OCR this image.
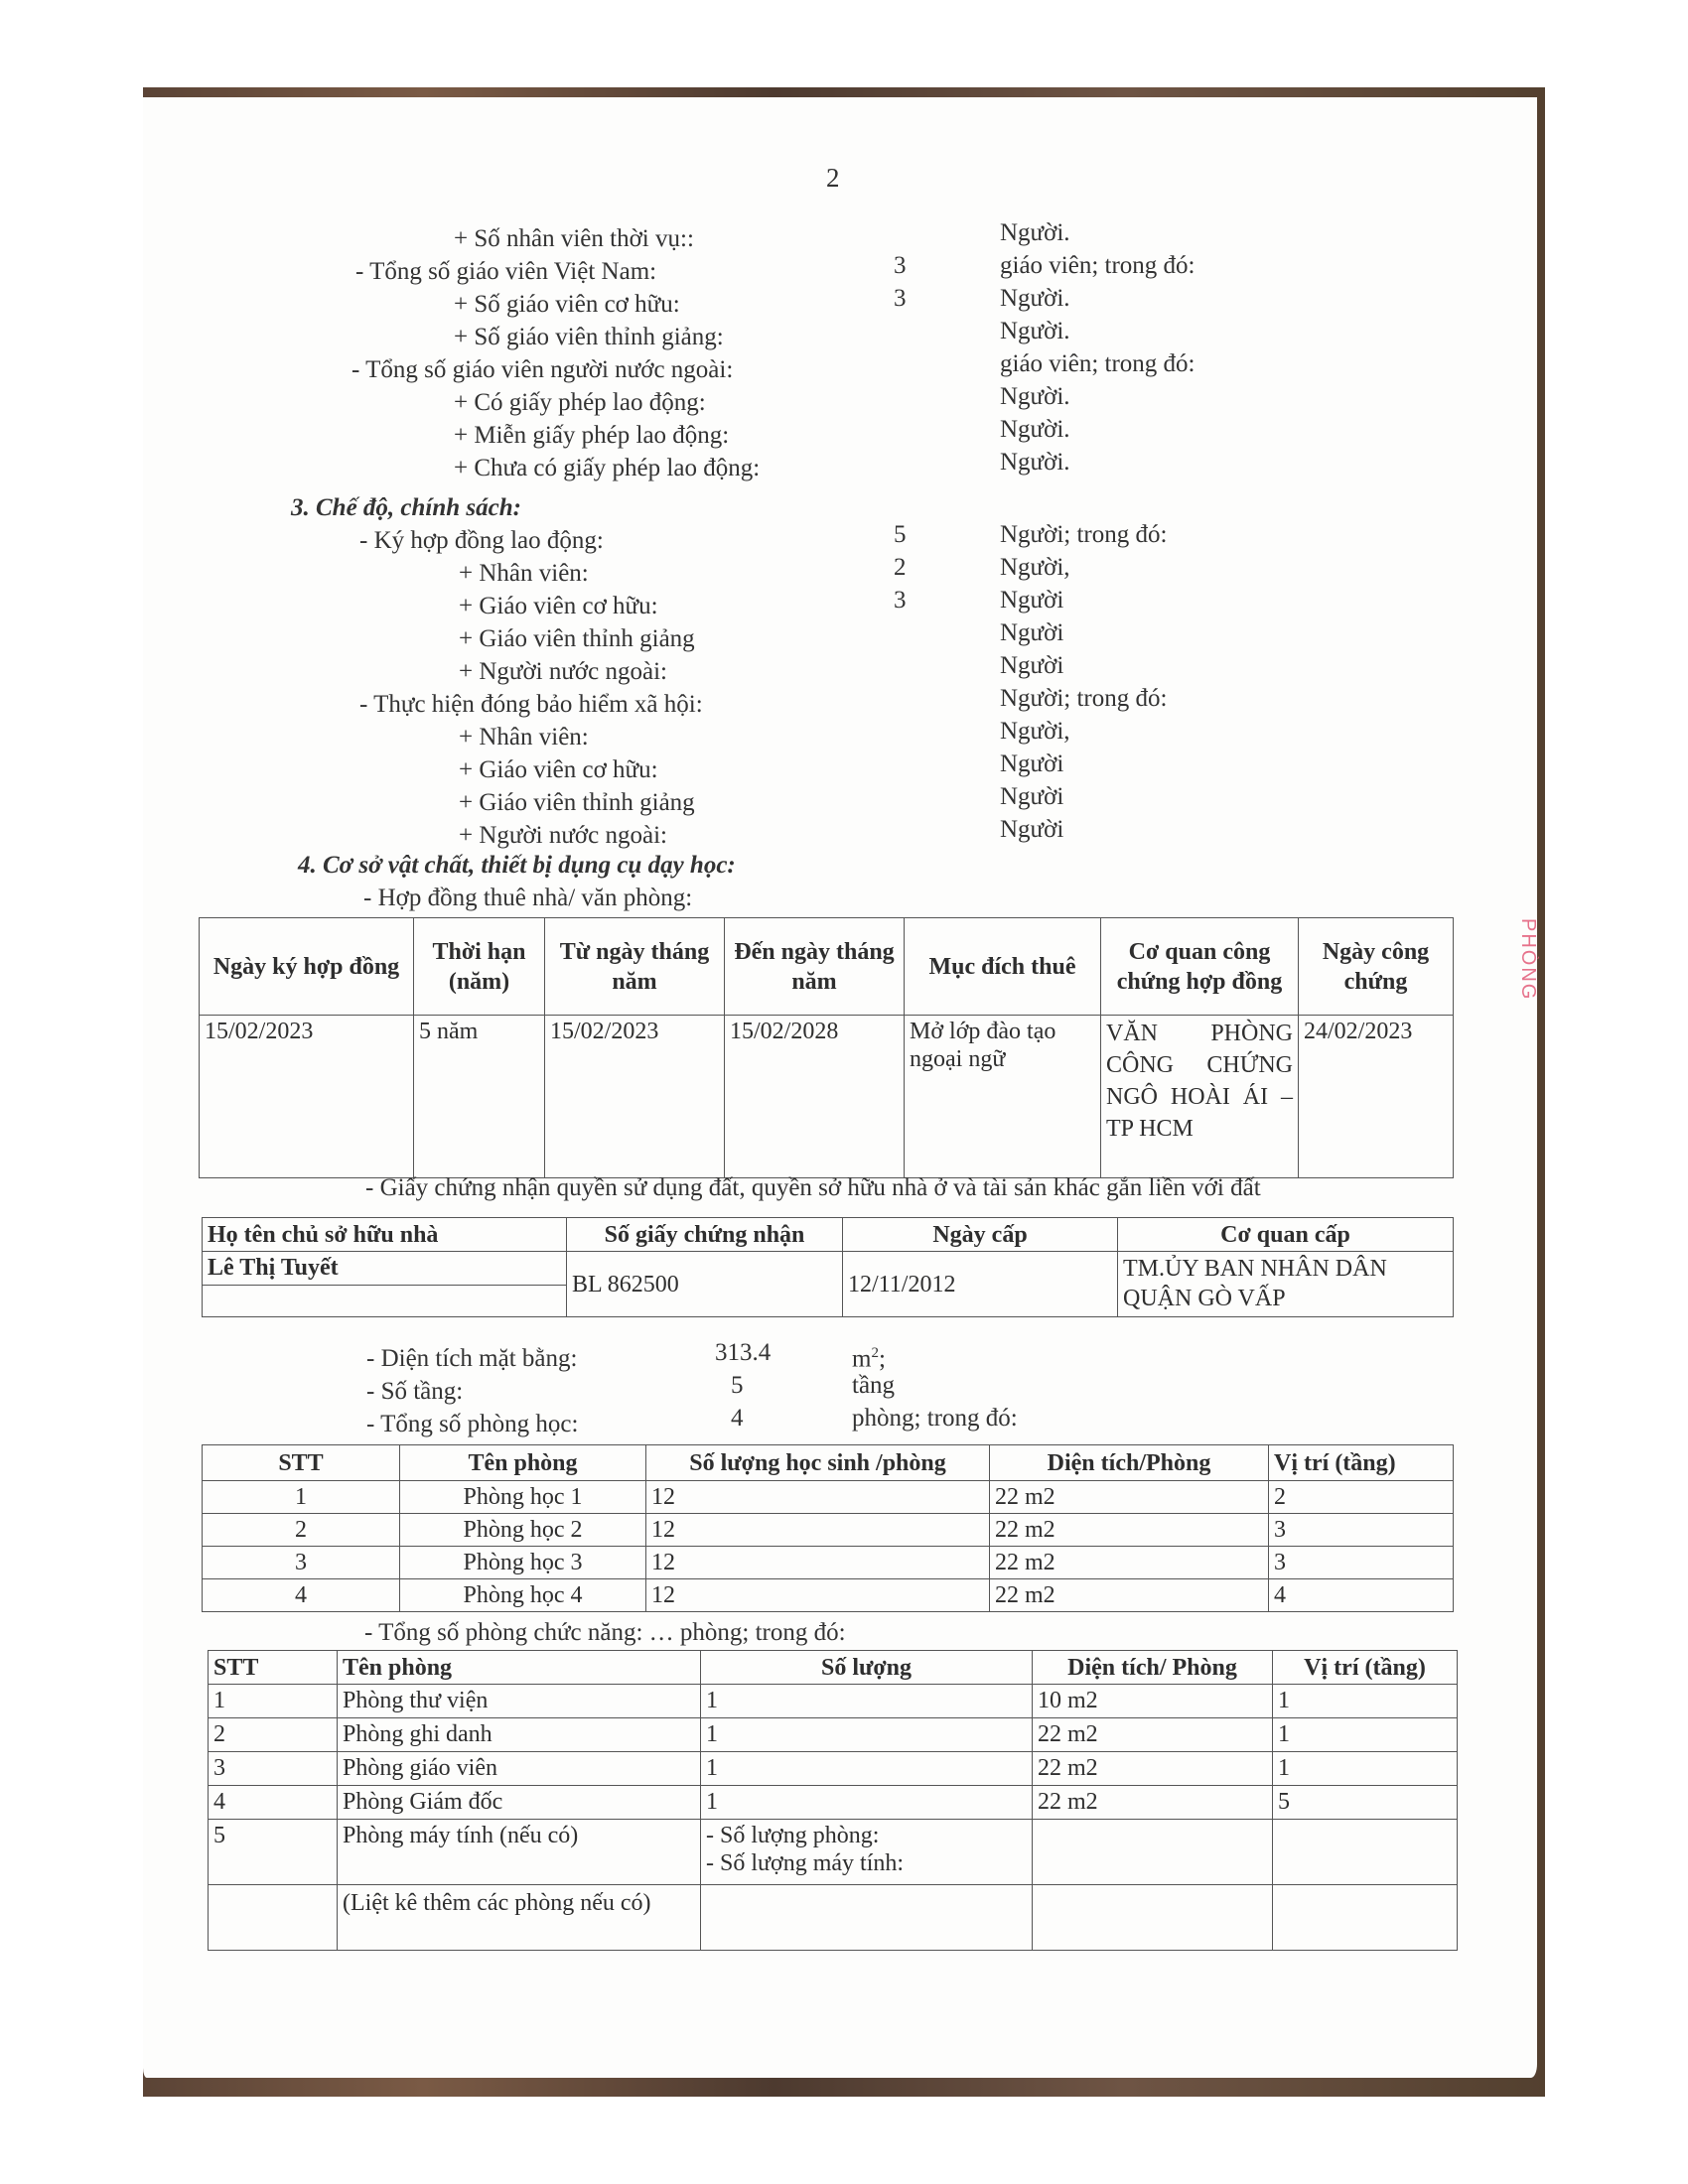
2
+ Số nhân viên thời vụ::	Người.
- Tổng số giáo viên Việt Nam:	3	giáo viên; trong đó:
+ Số giáo viên cơ hữu:	3	Người.
+ Số giáo viên thỉnh giảng:	Người.
- Tổng số giáo viên người nước ngoài:	giáo viên; trong đó:
+ Có giấy phép lao động:	Người.
+ Miễn giấy phép lao động:	Người.
+ Chưa có giấy phép lao động:	Người.
3. Chế độ, chính sách:
- Ký hợp đồng lao động:	5	Người; trong đó:
+ Nhân viên:	2	Người,
+ Giáo viên cơ hữu:	3	Người
+ Giáo viên thỉnh giảng	Người
+ Người nước ngoài:	Người
- Thực hiện đóng bảo hiểm xã hội:	Người; trong đó:
+ Nhân viên:	Người,
+ Giáo viên cơ hữu:	Người
+ Giáo viên thỉnh giảng	Người
+ Người nước ngoài:	Người
4. Cơ sở vật chất, thiết bị dụng cụ dạy học:
- Hợp đồng thuê nhà/ văn phòng:
Ngày ký hợp đồng	Thời hạn (năm)	Từ ngày tháng năm	Đến ngày tháng năm	Mục đích thuê	Cơ quan công chứng hợp đồng	Ngày công chứng
15/02/2023	5 năm	15/02/2023	15/02/2028	Mở lớp đào tạo ngoại ngữ	VĂN PHÒNG CÔNG CHỨNG NGÔ HOÀI ÁI – TP HCM	24/02/2023
- Giấy chứng nhận quyền sử dụng đất, quyền sở hữu nhà ở và tài sản khác gắn liền với đất
Họ tên chủ sở hữu nhà	Số giấy chứng nhận	Ngày cấp	Cơ quan cấp
Lê Thị Tuyết	BL 862500	12/11/2012	TM.ỦY BAN NHÂN DÂN QUẬN GÒ VẤP

- Diện tích mặt bằng:	313.4	$m^2$;
- Số tầng:	5	tầng
- Tổng số phòng học:	4	phòng; trong đó:
STT	Tên phòng	Số lượng học sinh /phòng	Diện tích/Phòng	Vị trí (tầng)
1	Phòng học 1	12	22 m2	2
2	Phòng học 2	12	22 m2	3
3	Phòng học 3	12	22 m2	3
4	Phòng học 4	12	22 m2	4
- Tổng số phòng chức năng: … phòng; trong đó:
STT	Tên phòng	Số lượng	Diện tích/ Phòng	Vị trí (tầng)
1	Phòng thư viện	1	10 m2	1
2	Phòng ghi danh	1	22 m2	1
3	Phòng giáo viên	1	22 m2	1
4	Phòng Giám đốc	1	22 m2	5
5	Phòng máy tính (nếu có)	- Số lượng phòng:
- Số lượng máy tính:		

	(Liệt kê thêm các phòng nếu có)			
PHÒNG
